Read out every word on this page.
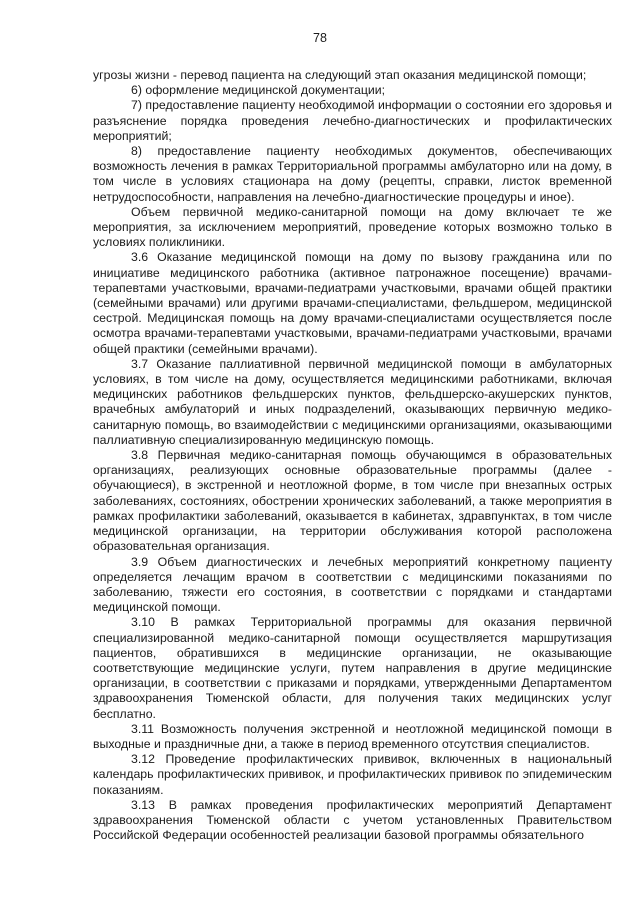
78

угрозы жизни - перевод пациента на следующий этап оказания медицинской помощи;

6) оформление медицинской документации;

7) предоставление пациенту необходимой информации о состоянии его здоровья и разъяснение порядка проведения лечебно-диагностических и профилактических мероприятий;

8) предоставление пациенту необходимых документов, обеспечивающих возможность лечения в рамках Территориальной программы амбулаторно или на дому, в том числе в условиях стационара на дому (рецепты, справки, листок временной нетрудоспособности, направления на лечебно-диагностические процедуры и иное).

Объем первичной медико-санитарной помощи на дому включает те же мероприятия, за исключением мероприятий, проведение которых возможно только в условиях поликлиники.

3.6 Оказание медицинской помощи на дому по вызову гражданина или по инициативе медицинского работника (активное патронажное посещение) врачами-терапевтами участковыми, врачами-педиатрами участковыми, врачами общей практики (семейными врачами) или другими врачами-специалистами, фельдшером, медицинской сестрой. Медицинская помощь на дому врачами-специалистами осуществляется после осмотра врачами-терапевтами участковыми, врачами-педиатрами участковыми, врачами общей практики (семейными врачами).

3.7 Оказание паллиативной первичной медицинской помощи в амбулаторных условиях, в том числе на дому, осуществляется медицинскими работниками, включая медицинских работников фельдшерских пунктов, фельдшерско-акушерских пунктов, врачебных амбулаторий и иных подразделений, оказывающих первичную медико-санитарную помощь, во взаимодействии с медицинскими организациями, оказывающими паллиативную специализированную медицинскую помощь.

3.8 Первичная медико-санитарная помощь обучающимся в образовательных организациях, реализующих основные образовательные программы (далее - обучающиеся), в экстренной и неотложной форме, в том числе при внезапных острых заболеваниях, состояниях, обострении хронических заболеваний, а также мероприятия в рамках профилактики заболеваний, оказывается в кабинетах, здравпунктах, в том числе медицинской организации, на территории обслуживания которой расположена образовательная организация.

3.9 Объем диагностических и лечебных мероприятий конкретному пациенту определяется лечащим врачом в соответствии с медицинскими показаниями по заболеванию, тяжести его состояния, в соответствии с порядками и стандартами медицинской помощи.

3.10 В рамках Территориальной программы для оказания первичной специализированной медико-санитарной помощи осуществляется маршрутизация пациентов, обратившихся в медицинские организации, не оказывающие соответствующие медицинские услуги, путем направления в другие медицинские организации, в соответствии с приказами и порядками, утвержденными Департаментом здравоохранения Тюменской области, для получения таких медицинских услуг бесплатно.

3.11 Возможность получения экстренной и неотложной медицинской помощи в выходные и праздничные дни, а также в период временного отсутствия специалистов.

3.12 Проведение профилактических прививок, включенных в национальный календарь профилактических прививок, и профилактических прививок по эпидемическим показаниям.

3.13 В рамках проведения профилактических мероприятий Департамент здравоохранения Тюменской области с учетом установленных Правительством Российской Федерации особенностей реализации базовой программы обязательного
